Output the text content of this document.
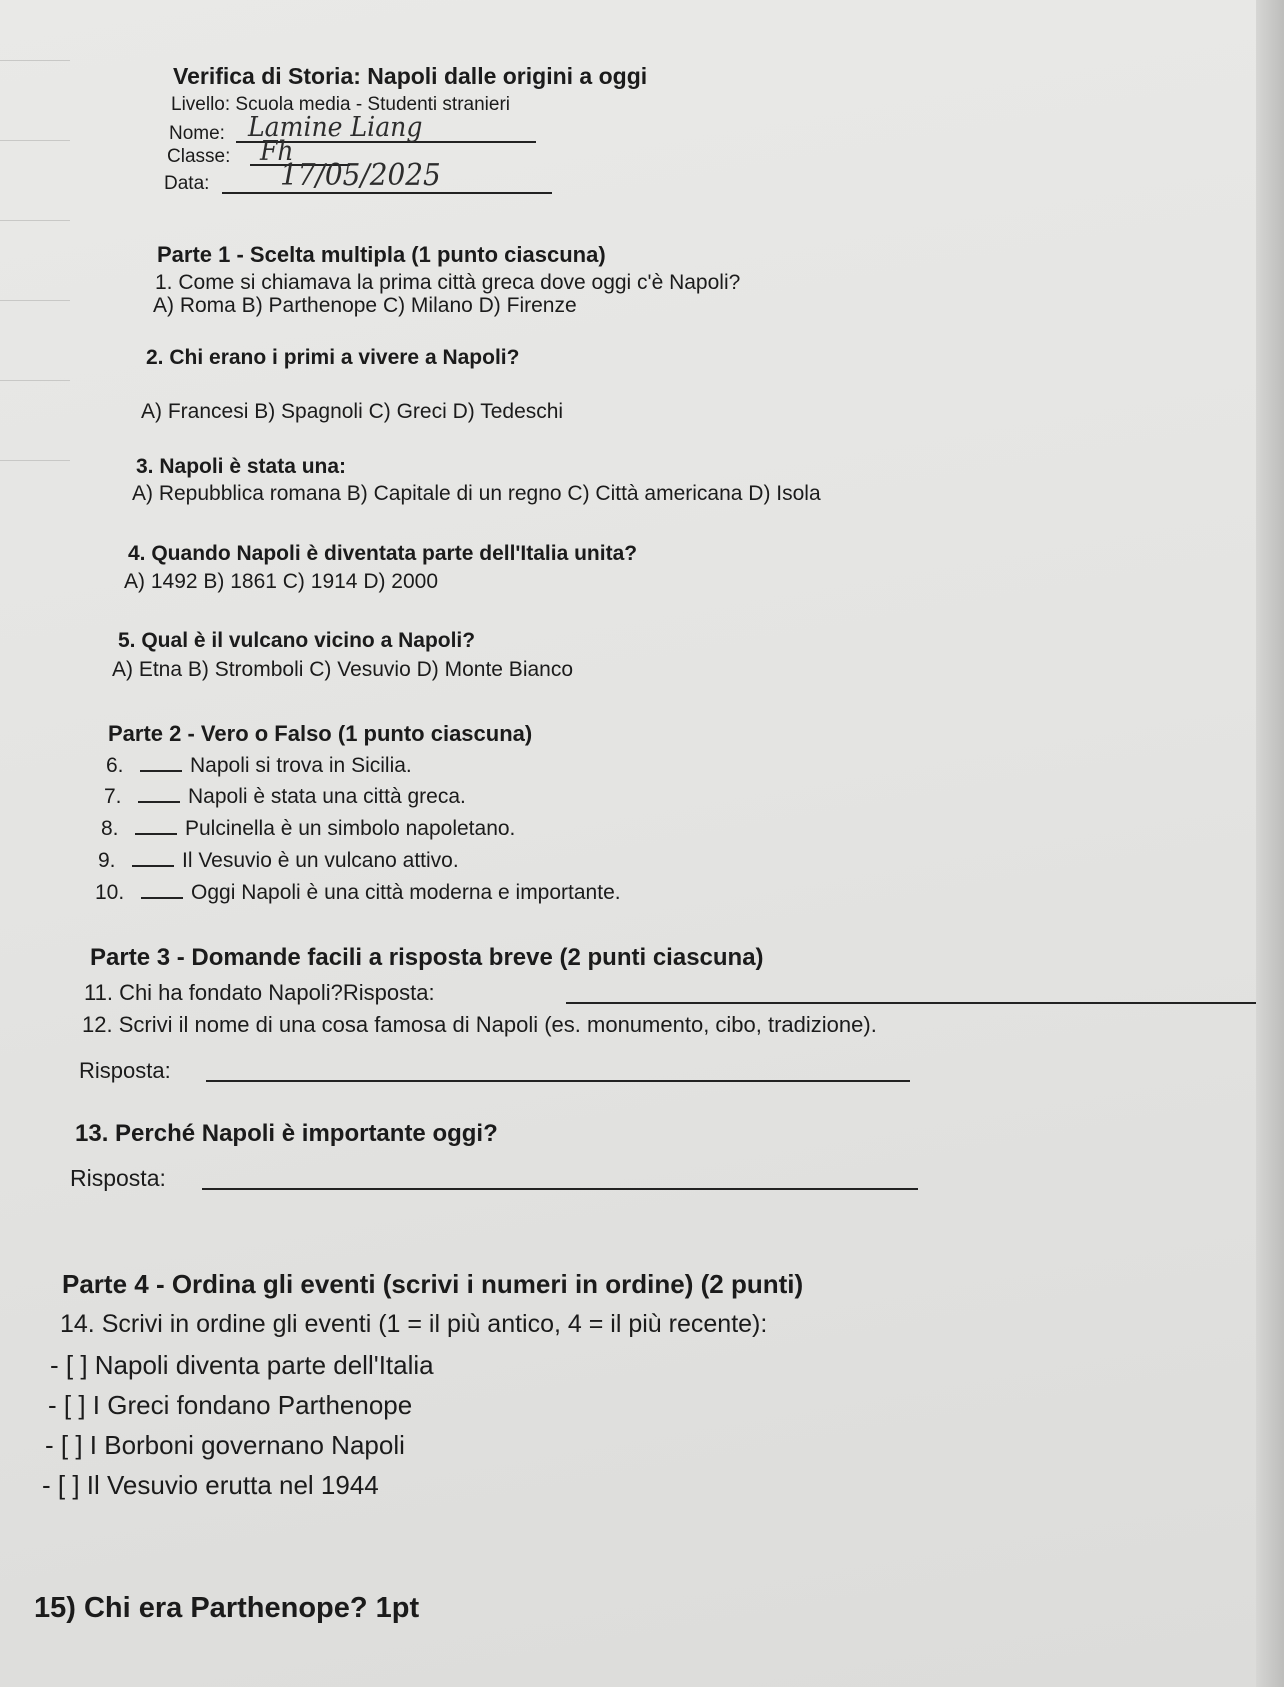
Verifica di Storia: Napoli dalle origini a oggi
Livello: Scuola media - Studenti stranieri
Nome: Lamine Liang
Classe: Fh
Data: 17/05/2025
Parte 1 - Scelta multipla (1 punto ciascuna)
1. Come si chiamava la prima città greca dove oggi c'è Napoli?
A) Roma B) Parthenope C) Milano D) Firenze
2. Chi erano i primi a vivere a Napoli?
A) Francesi B) Spagnoli C) Greci D) Tedeschi
3. Napoli è stata una:
A) Repubblica romana B) Capitale di un regno C) Città americana D) Isola
4. Quando Napoli è diventata parte dell'Italia unita?
A) 1492 B) 1861 C) 1914 D) 2000
5. Qual è il vulcano vicino a Napoli?
A) Etna B) Stromboli C) Vesuvio D) Monte Bianco
Parte 2 - Vero o Falso (1 punto ciascuna)
6.	Napoli si trova in Sicilia.
7.	Napoli è stata una città greca.
8.	Pulcinella è un simbolo napoletano.
9.	Il Vesuvio è un vulcano attivo.
10.	Oggi Napoli è una città moderna e importante.
Parte 3 - Domande facili a risposta breve (2 punti ciascuna)
11. Chi ha fondato Napoli?Risposta:
12. Scrivi il nome di una cosa famosa di Napoli (es. monumento, cibo, tradizione).
Risposta:
13. Perché Napoli è importante oggi?
Risposta:
Parte 4 - Ordina gli eventi (scrivi i numeri in ordine) (2 punti)
14. Scrivi in ordine gli eventi (1 = il più antico, 4 = il più recente):
- [ ] Napoli diventa parte dell'Italia
- [ ] I Greci fondano Parthenope
- [ ] I Borboni governano Napoli
- [ ] Il Vesuvio erutta nel 1944
15) Chi era Parthenope? 1pt
